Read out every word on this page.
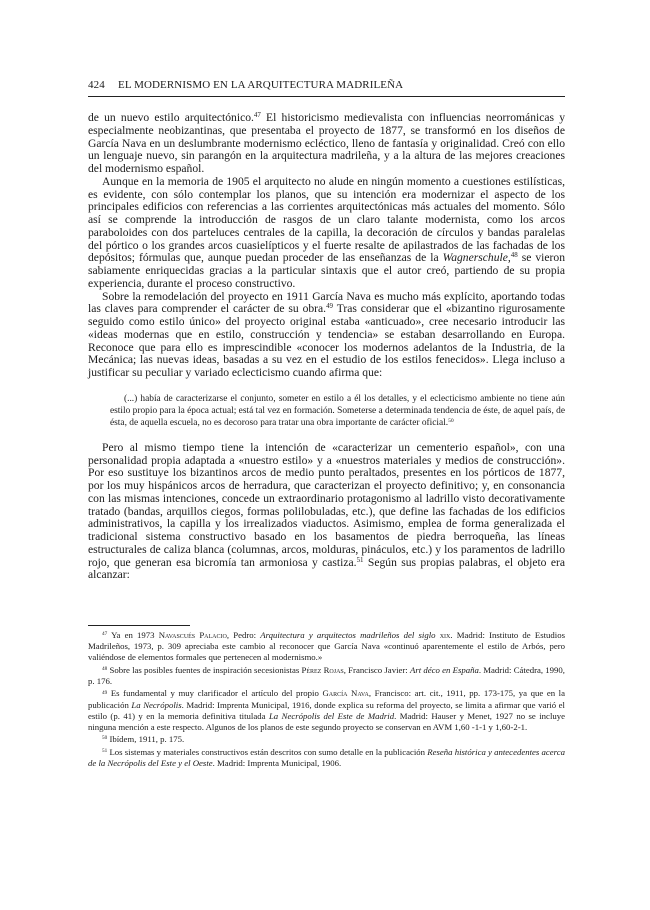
424 EL MODERNISMO EN LA ARQUITECTURA MADRILEÑA

de un nuevo estilo arquitectónico.$^{47}$ El historicismo medievalista con influencias neorrománicas y especialmente neobizantinas, que presentaba el proyecto de 1877, se transformó en los diseños de García Nava en un deslumbrante modernismo ecléctico, lleno de fantasía y originalidad. Creó con ello un lenguaje nuevo, sin parangón en la arquitectura madrileña, y a la altura de las mejores creaciones del modernismo español.

Aunque en la memoria de 1905 el arquitecto no alude en ningún momento a cuestiones estilísticas, es evidente, con sólo contemplar los planos, que su intención era modernizar el aspecto de los principales edificios con referencias a las corrientes arquitectónicas más actuales del momento. Sólo así se comprende la introducción de rasgos de un claro talante modernista, como los arcos paraboloides con dos parteluces centrales de la capilla, la decoración de círculos y bandas paralelas del pórtico o los grandes arcos cuasielípticos y el fuerte resalte de apilastrados de las fachadas de los depósitos; fórmulas que, aunque puedan proceder de las enseñanzas de la Wagnerschule,$^{48}$ se vieron sabiamente enriquecidas gracias a la particular sintaxis que el autor creó, partiendo de su propia experiencia, durante el proceso constructivo.

Sobre la remodelación del proyecto en 1911 García Nava es mucho más explícito, aportando todas las claves para comprender el carácter de su obra.$^{49}$ Tras considerar que el «bizantino rigurosamente seguido como estilo único» del proyecto original estaba «anticuado», cree necesario introducir las «ideas modernas que en estilo, construcción y tendencia» se estaban desarrollando en Europa. Reconoce que para ello es imprescindible «conocer los modernos adelantos de la Industria, de la Mecánica; las nuevas ideas, basadas a su vez en el estudio de los estilos fenecidos». Llega incluso a justificar su peculiar y variado eclecticismo cuando afirma que:

(...) había de caracterizarse el conjunto, someter en estilo a él los detalles, y el eclecticismo ambiente no tiene aún estilo propio para la época actual; está tal vez en formación. Someterse a determinada tendencia de éste, de aquel país, de ésta, de aquella escuela, no es decoroso para tratar una obra importante de carácter oficial.$^{50}$

Pero al mismo tiempo tiene la intención de «caracterizar un cementerio español», con una personalidad propia adaptada a «nuestro estilo» y a «nuestros materiales y medios de construcción». Por eso sustituye los bizantinos arcos de medio punto peraltados, presentes en los pórticos de 1877, por los muy hispánicos arcos de herradura, que caracterizan el proyecto definitivo; y, en consonancia con las mismas intenciones, concede un extraordinario protagonismo al ladrillo visto decorativamente tratado (bandas, arquillos ciegos, formas polilobuladas, etc.), que define las fachadas de los edificios administrativos, la capilla y los irrealizados viaductos. Asimismo, emplea de forma generalizada el tradicional sistema constructivo basado en los basamentos de piedra berroqueña, las líneas estructurales de caliza blanca (columnas, arcos, molduras, pináculos, etc.) y los paramentos de ladrillo rojo, que generan esa bicromía tan armoniosa y castiza.$^{51}$ Según sus propias palabras, el objeto era alcanzar:

$^{47}$ Ya en 1973 Navascués Palacio, Pedro: Arquitectura y arquitectos madrileños del siglo xix. Madrid: Instituto de Estudios Madrileños, 1973, p. 309 apreciaba este cambio al reconocer que García Nava «continuó aparentemente el estilo de Arbós, pero valiéndose de elementos formales que pertenecen al modernismo.»

$^{48}$ Sobre las posibles fuentes de inspiración secesionistas Pérez Rojas, Francisco Javier: Art déco en España. Madrid: Cátedra, 1990, p. 176.

$^{49}$ Es fundamental y muy clarificador el artículo del propio García Nava, Francisco: art. cit., 1911, pp. 173-175, ya que en la publicación La Necrópolis. Madrid: Imprenta Municipal, 1916, donde explica su reforma del proyecto, se limita a afirmar que varió el estilo (p. 41) y en la memoria definitiva titulada La Necrópolis del Este de Madrid. Madrid: Hauser y Menet, 1927 no se incluye ninguna mención a este respecto. Algunos de los planos de este segundo proyecto se conservan en AVM 1,60 -1-1 y 1,60-2-1.

$^{50}$ Ibídem, 1911, p. 175.

$^{51}$ Los sistemas y materiales constructivos están descritos con sumo detalle en la publicación Reseña histórica y antecedentes acerca de la Necrópolis del Este y el Oeste. Madrid: Imprenta Municipal, 1906.
